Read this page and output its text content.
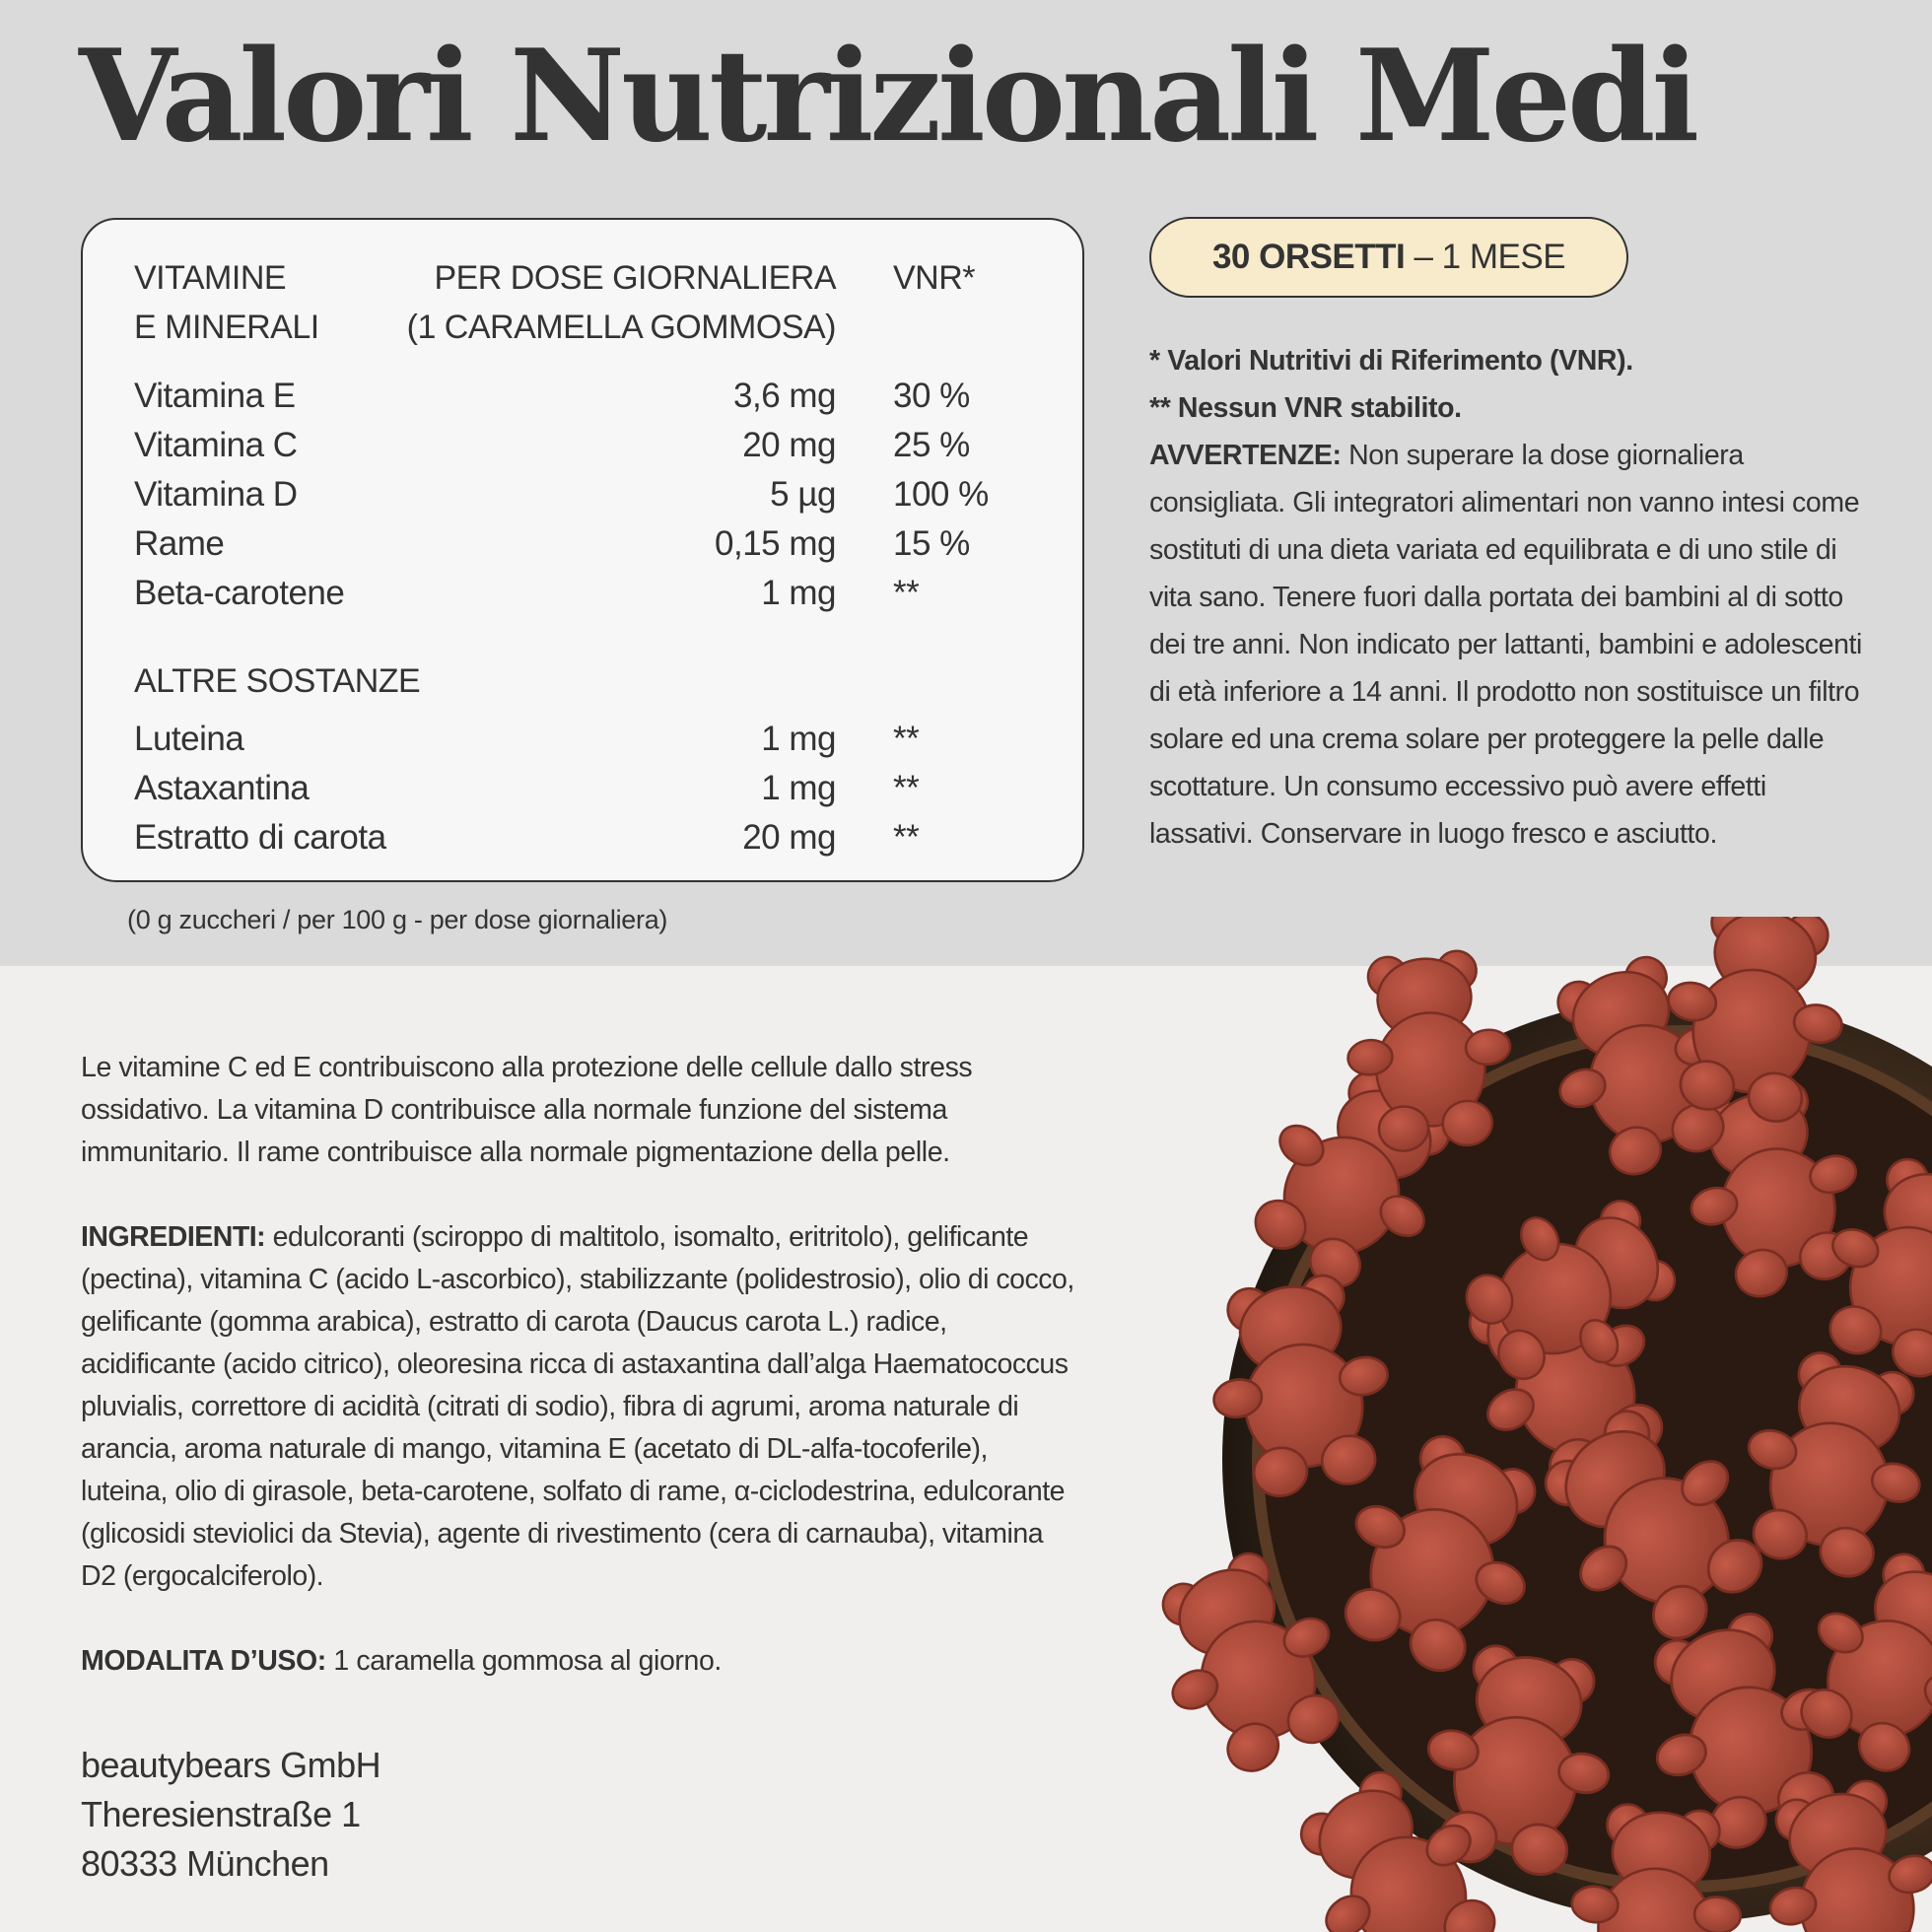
Valori Nutrizionali Medi
VITAMINE
E MINERALI
PER DOSE GIORNALIERA
(1 CARAMELLA GOMMOSA)
VNR*
Vitamina E	3,6 mg 30 %
Vitamina C	20 mg 25 %
Vitamina D	5 µg 100 %
Rame	0,15 mg 15 %
Beta-carotene	1 mg **
ALTRE SOSTANZE
Luteina	1 mg **
Astaxantina	1 mg **
Estratto di carota	20 mg **
(0 g zuccheri / per 100 g - per dose giornaliera)
30 ORSETTI – 1 MESE

* Valori Nutritivi di Riferimento (VNR).

** Nessun VNR stabilito.

AVVERTENZE: Non superare la dose giornaliera consigliata. Gli integratori alimentari non vanno intesi come sostituti di una dieta variata ed equilibrata e di uno stile di vita sano. Tenere fuori dalla portata dei bambini al di sotto dei tre anni. Non indicato per lattanti, bambini e adolescenti di età inferiore a 14 anni. Il prodotto non sostituisce un filtro solare ed una crema solare per proteggere la pelle dalle scottature. Un consumo eccessivo può avere effetti lassativi. Conservare in luogo fresco e asciutto.

Le vitamine C ed E contribuiscono alla protezione delle cellule dallo stress ossidativo. La vitamina D contribuisce alla normale funzione del sistema immunitario. Il rame contribuisce alla normale pigmentazione della pelle.
INGREDIENTI: edulcoranti (sciroppo di maltitolo, isomalto, eritritolo), gelificante (pectina), vitamina C (acido L-ascorbico), stabilizzante (polidestrosio), olio di cocco, gelificante (gomma arabica), estratto di carota (Daucus carota L.) radice, acidificante (acido citrico), oleoresina ricca di astaxantina dall’alga Haematococcus pluvialis, correttore di acidità (citrati di sodio), fibra di agrumi, aroma naturale di arancia, aroma naturale di mango, vitamina E (acetato di DL-alfa-tocoferile), luteina, olio di girasole, beta-carotene, solfato di rame, α-ciclodestrina, edulcorante (glicosidi steviolici da Stevia), agente di rivestimento (cera di carnauba), vitamina D2 (ergocalciferolo).
MODALITA D’USO: 1 caramella gommosa al giorno.
beautybears GmbH
Theresienstraße 1
80333 München
